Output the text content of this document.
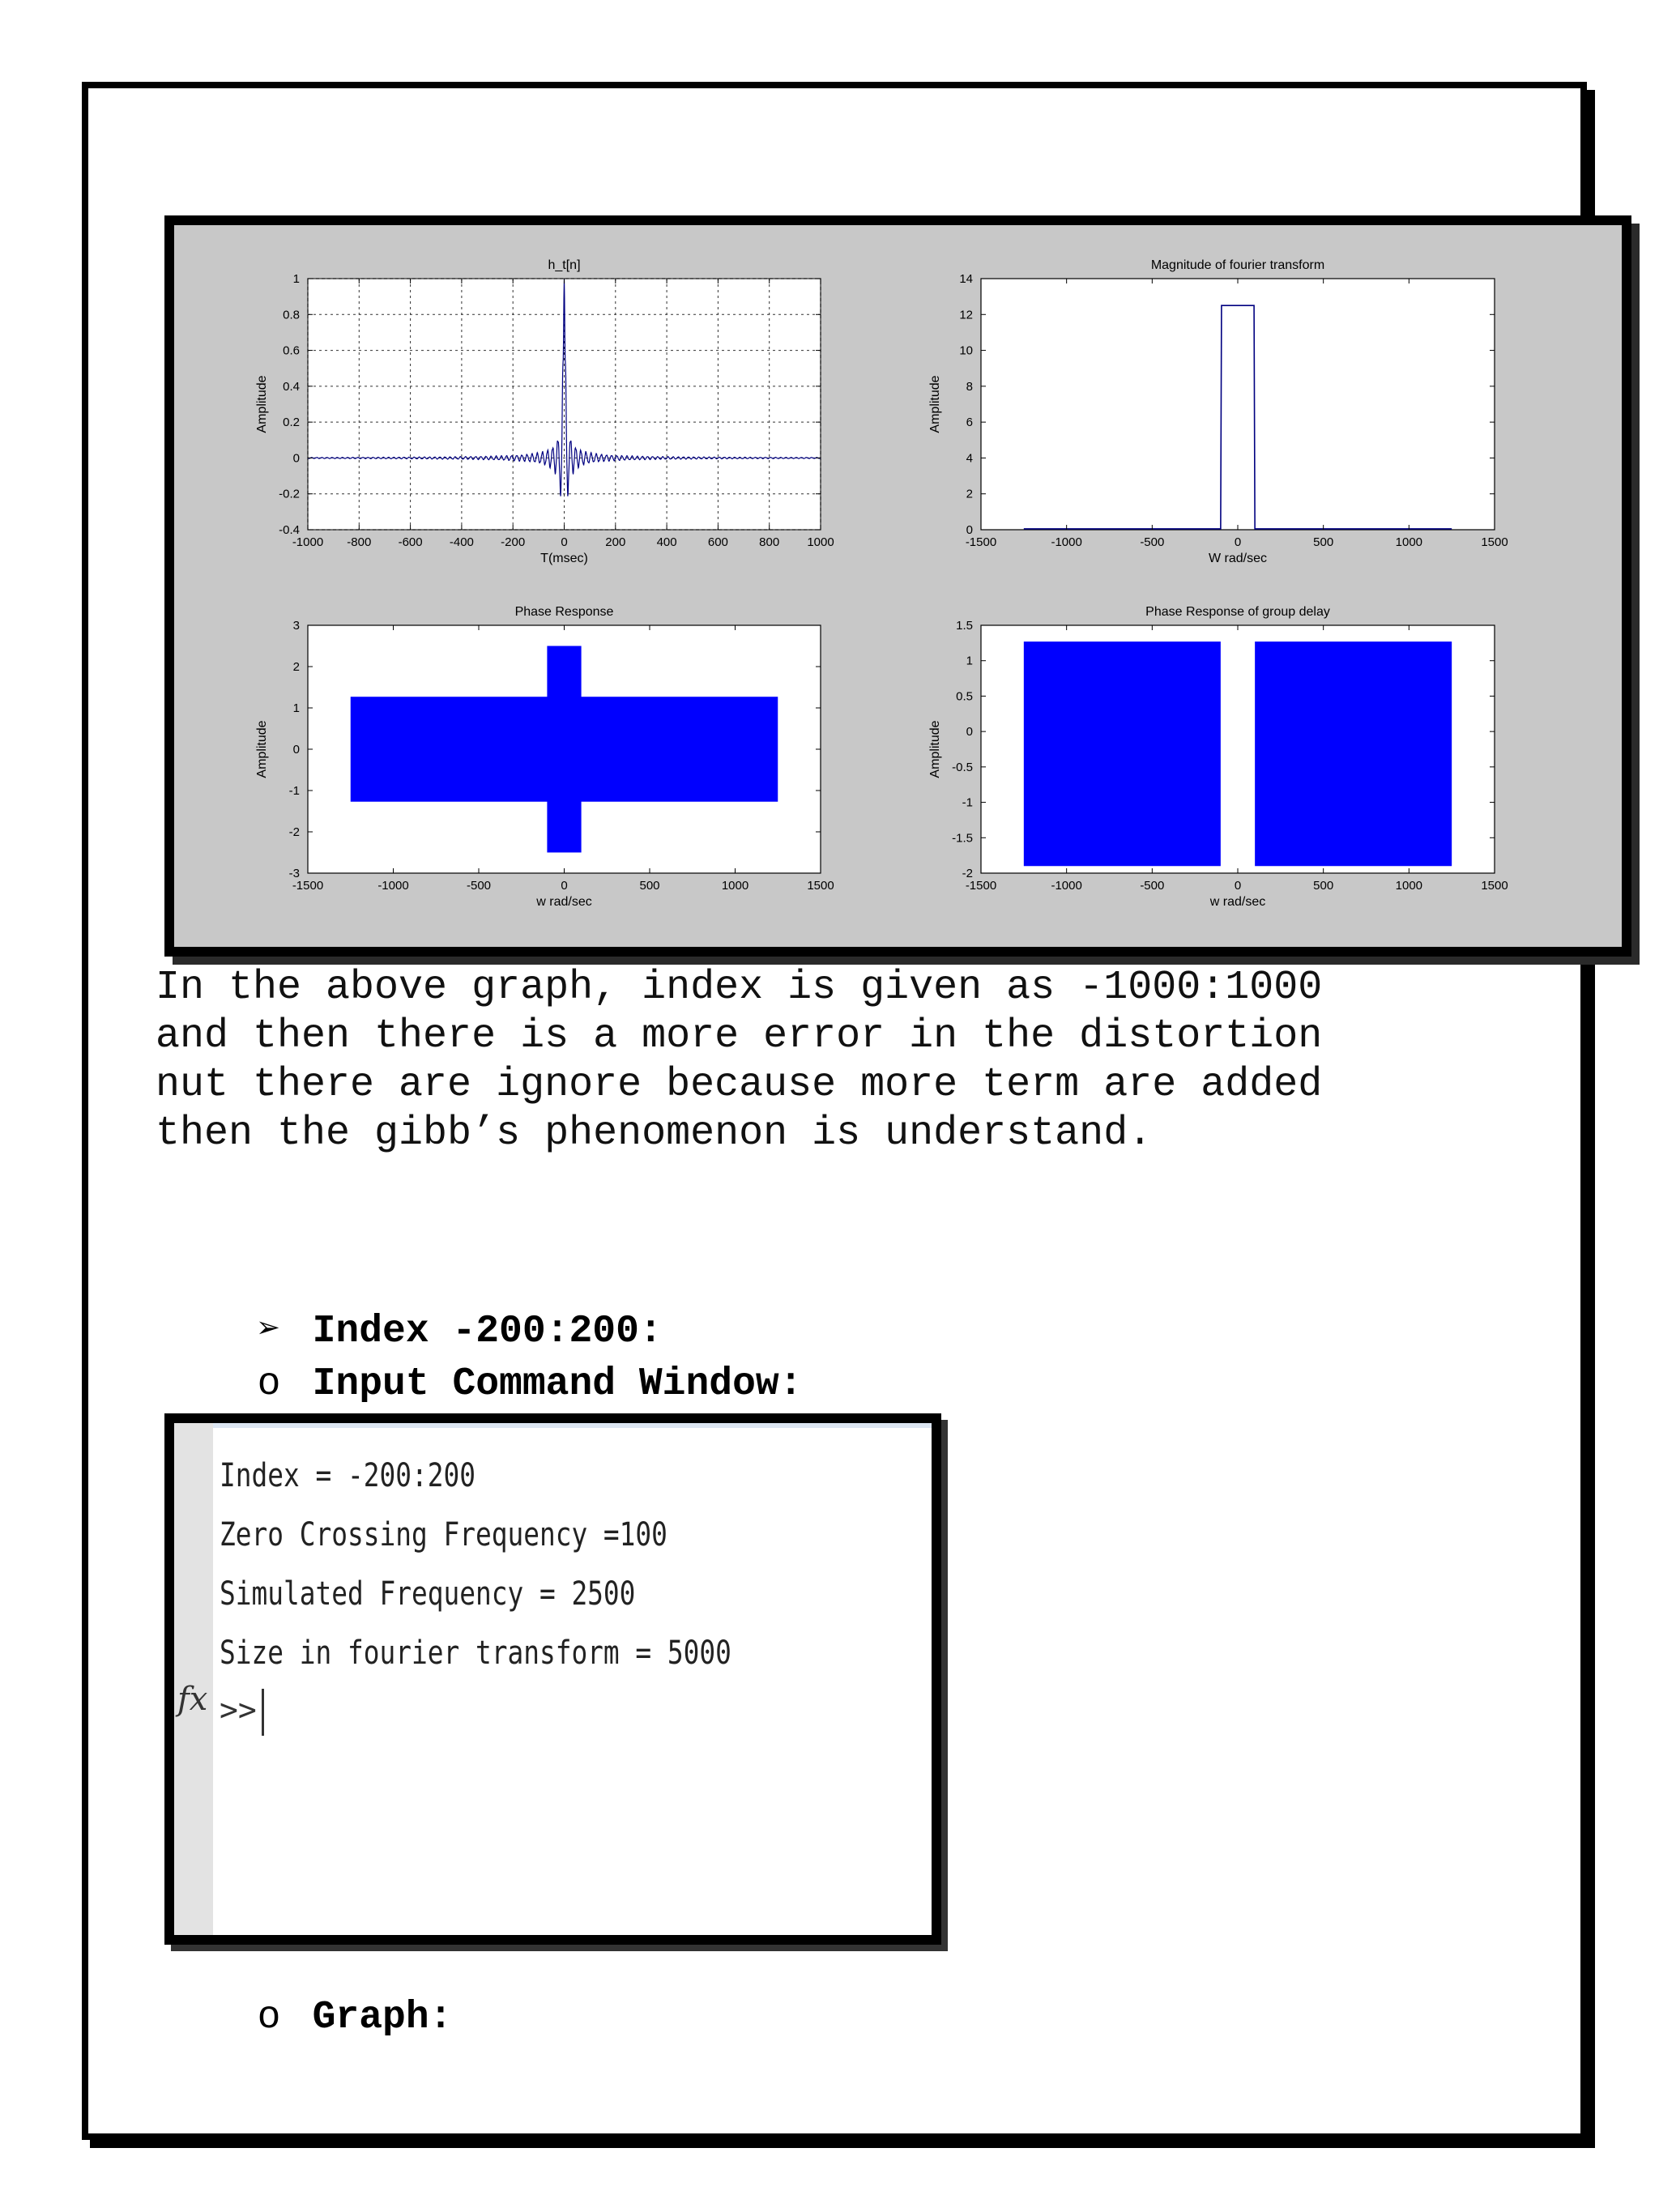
-1000 -800 -600 -400 -200	0	200	400	600	800 1000
-0.4
-0.2
0
0.2
0.4
0.6
0.8
1
h_t[n]
T(msec)
Amplitude
-1500	-1000	-500	0	500	1000	1500
0
2
4
6
8
10
12
14
Magnitude of fourier transform
W rad/sec
Amplitude
-1500	-1000	-500	0	500	1000	1500
-3
-2
-1
0
1
2
3
Phase Response
w rad/sec
Amplitude
-1500	-1000	-500	0	500	1000	1500
-2
-1.5
-1
-0.5
0
0.5
1
1.5
Phase Response of group delay
w rad/sec
Amplitude
In the above graph, index is given as -1000:1000
and then there is a more error in the distortion
nut there are ignore because more term are added
then the gibb’s phenomenon is understand.

➢ Index -200:200:

o Input Command Window:

Index = -200:200
Zero Crossing Frequency =100
Simulated Frequency = 2500
Size in fourier transform = 5000
fx >>

o Graph:
